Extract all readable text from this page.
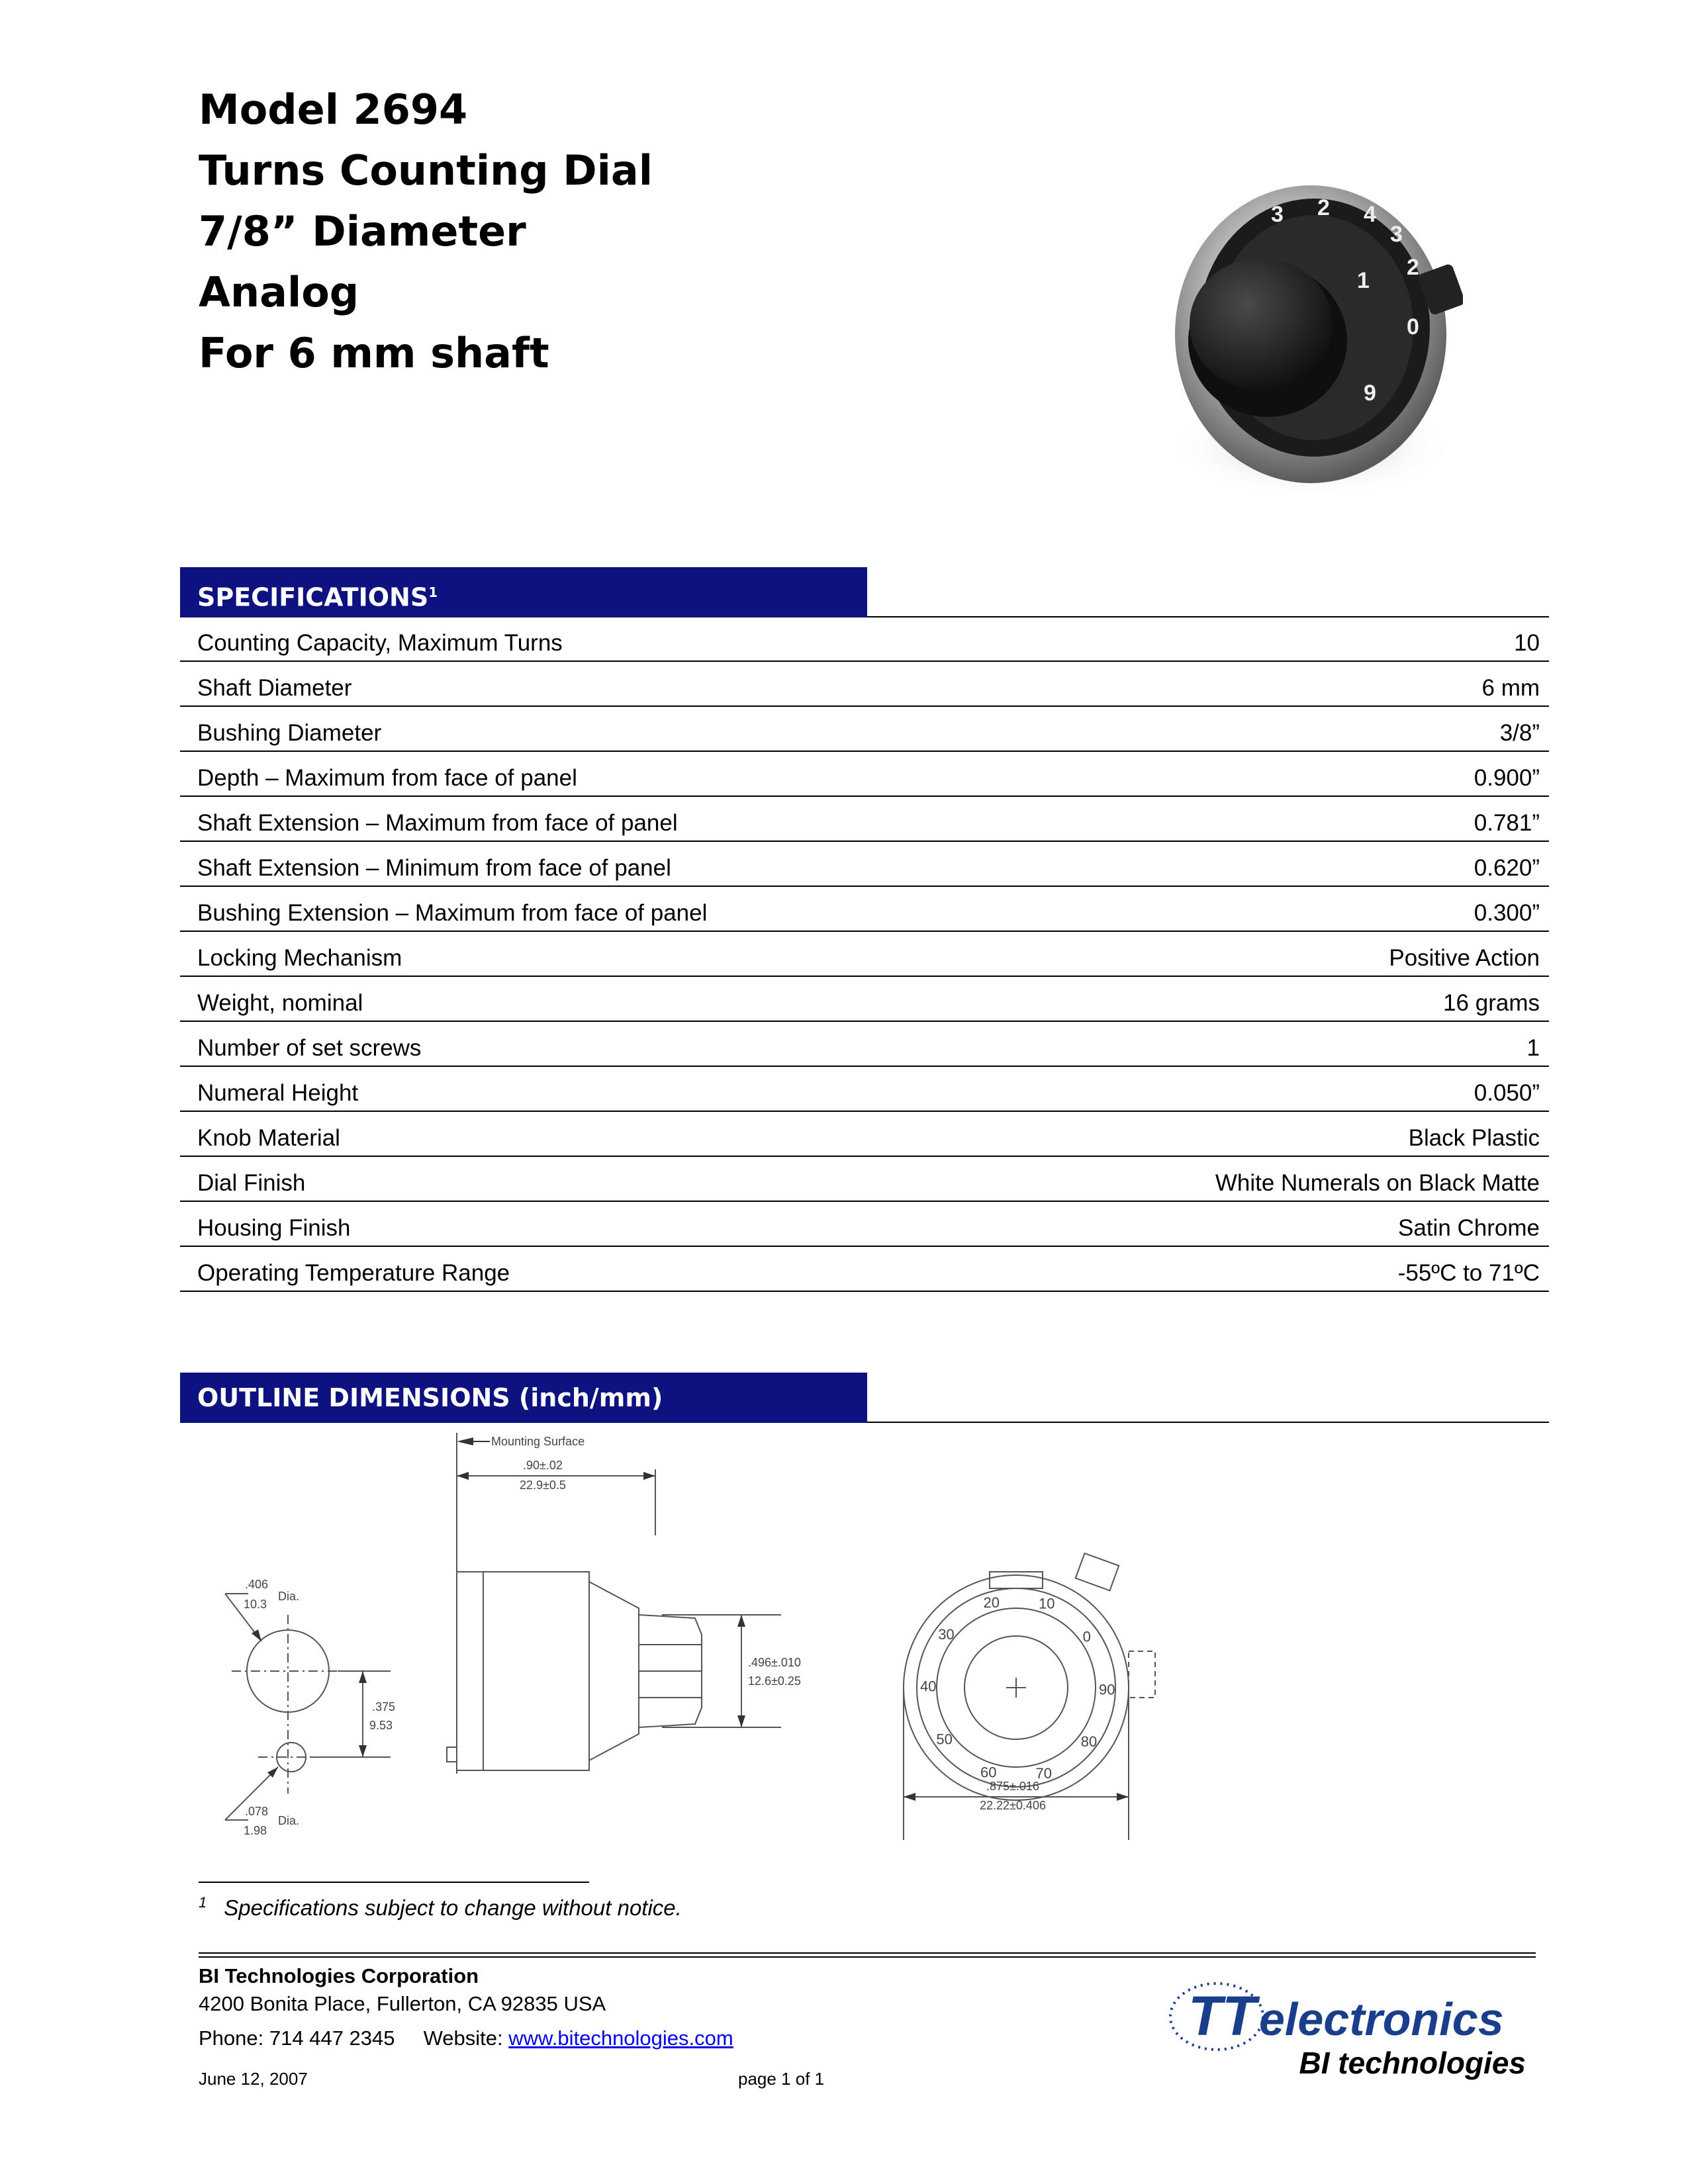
Model 2694

Turns Counting Dial

7/8” Diameter

Analog

For 6 mm shaft

4
3
2
0
9
3 2
1
SPECIFICATIONS$^1$
Counting Capacity, Maximum Turns	10
Shaft Diameter	6 mm
Bushing Diameter	3/8”
Depth – Maximum from face of panel	0.900”
Shaft Extension – Maximum from face of panel	0.781”
Shaft Extension – Minimum from face of panel	0.620”
Bushing Extension – Maximum from face of panel	0.300”
Locking Mechanism	Positive Action
Weight, nominal	16 grams
Number of set screws	1
Numeral Height	0.050”
Knob Material	Black Plastic
Dial Finish	White Numerals on Black Matte
Housing Finish	Satin Chrome
Operating Temperature Range	-55ºC to 71ºC
OUTLINE DIMENSIONS (inch/mm)
Mounting Surface
.90±.02
22.9±0.5
.406
10.3
Dia.
.375
9.53
.078
1.98
Dia.
.496±.010
12.6±0.25
.875±.016
22.22±0.406
0
10
20
30
40
50
60	70
80
90
$^1$ Specifications subject to change without notice.
BI Technologies Corporation
4200 Bonita Place, Fullerton, CA 92835 USA
Phone: 714 447 2345 Website: www.bitechnologies.com
June 12, 2007	page 1 of 1
TT electronics
BI technologies
